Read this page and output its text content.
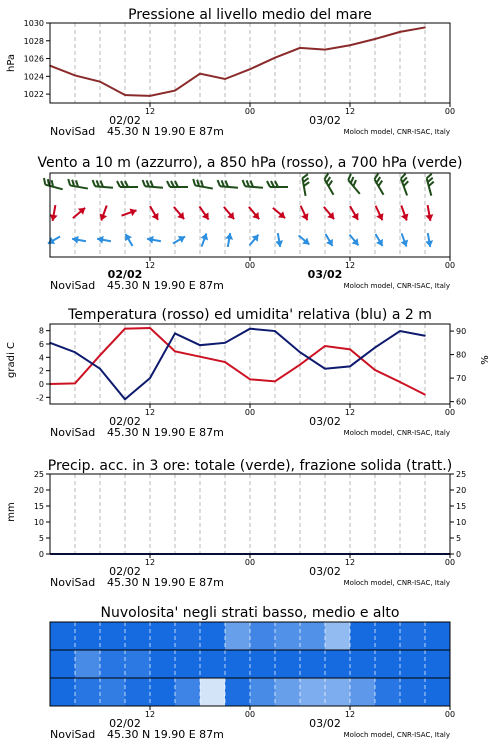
Pressione al livello medio del mare
hPa
12	00	12	00
02/02	03/02
1022
1024
1026
1028
1030
NoviSad 45.30 N 19.90 E 87m	Moloch model, CNR-ISAC, Italy
Vento a 10 m (azzurro), a 850 hPa (rosso), a 700 hPa (verde)
12	00	12	00
02/02	03/02
NoviSad 45.30 N 19.90 E 87m	Moloch model, CNR-ISAC, Italy
Temperatura (rosso) ed umidita' relativa (blu) a 2 m
gradi C	%
12	00	12	00
02/02	03/02
-2
0
2
4
6
8
60
70
80
90
NoviSad 45.30 N 19.90 E 87m	Moloch model, CNR-ISAC, Italy
Precip. acc. in 3 ore: totale (verde), frazione solida (tratt.)
mm
12	00	12	00
02/02	03/02
0	0
5	5
10	10
15	15
20	20
25	25
NoviSad 45.30 N 19.90 E 87m	Moloch model, CNR-ISAC, Italy
Nuvolosita' negli strati basso, medio e alto
12	00	12	00
02/02	03/02
NoviSad 45.30 N 19.90 E 87m	Moloch model, CNR-ISAC, Italy
